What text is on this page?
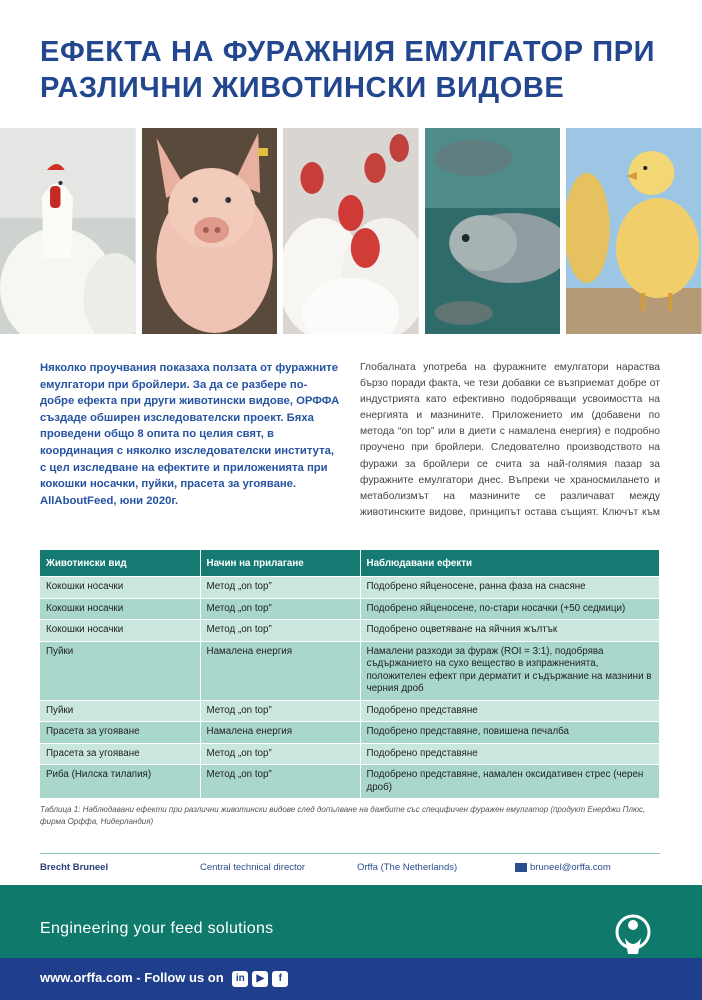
ЕФЕКТА НА ФУРАЖНИЯ ЕМУЛГАТОР ПРИ
РАЗЛИЧНИ ЖИВОТИНСКИ ВИДОВЕ

Няколко проучвания показаха ползата от фуражните емулгатори при бройлери. За да се разбере по-добре ефекта при други животински видове, ОРФФА създаде обширен изследователски проект. Бяха проведени общо 8 опита по целия свят, в координация с няколко изследователски института, с цел изследване на ефектите и приложенията при кокошки носачки, пуйки, прасета за угояване. AllAboutFeed, юни 2020г.

Глобалната употреба на фуражните емулгатори нараства бързо поради факта, че тези добавки се възприемат добре от индустрията като ефективно подобряващи усвоимостта на енергията и мазнините. Приложението им (добавени по метода “on top” или в диети с намалена енергия) е подробно проучено при бройлери. Следователно производството на фуражи за бройлери се счита за най-голямия пазар за фуражните емулгатори днес. Въпреки че храносмилането и метаболизмът на мазнините се различават между животинските видове, принципът остава същият. Ключът към

Животински вид	Начин на прилагане	Наблюдавани ефекти
Кокошки носачки	Метод „on top”	Подобрено яйценосене, ранна фаза на снасяне
Кокошки носачки	Метод „on top”	Подобрено яйценосене, по-стари носачки (+50 седмици)
Кокошки носачки	Метод „on top”	Подобрено оцветяване на яйчния жълтък
Пуйки	Намалена енергия	Намалени разходи за фураж (ROI = 3:1), подобрява съдържанието на сухо вещество в изпражненията, положителен ефект при дерматит и съдържание на мазнини в черния дроб
Пуйки	Метод „on top”	Подобрено представяне
Прасета за угояване	Намалена енергия	Подобрено представяне, повишена печалба
Прасета за угояване	Метод „on top”	Подобрено представяне
Риба (Нилска тилапия)	Метод „on top”	Подобрено представяне, намален оксидативен стрес (черен дроб)
Таблица 1: Наблюдавани ефекти при различни животински видове след допълване на дажбите със специфичен фуражен емулгатор (продукт Енерджи Плюс, фирма Орффа, Нидерландия)
Brecht Bruneel	Central technical director	Orffa (The Netherlands)	bruneel@orffa.com
Engineering your feed solutions
www.orffa.com - Follow us on	in	▶	f
